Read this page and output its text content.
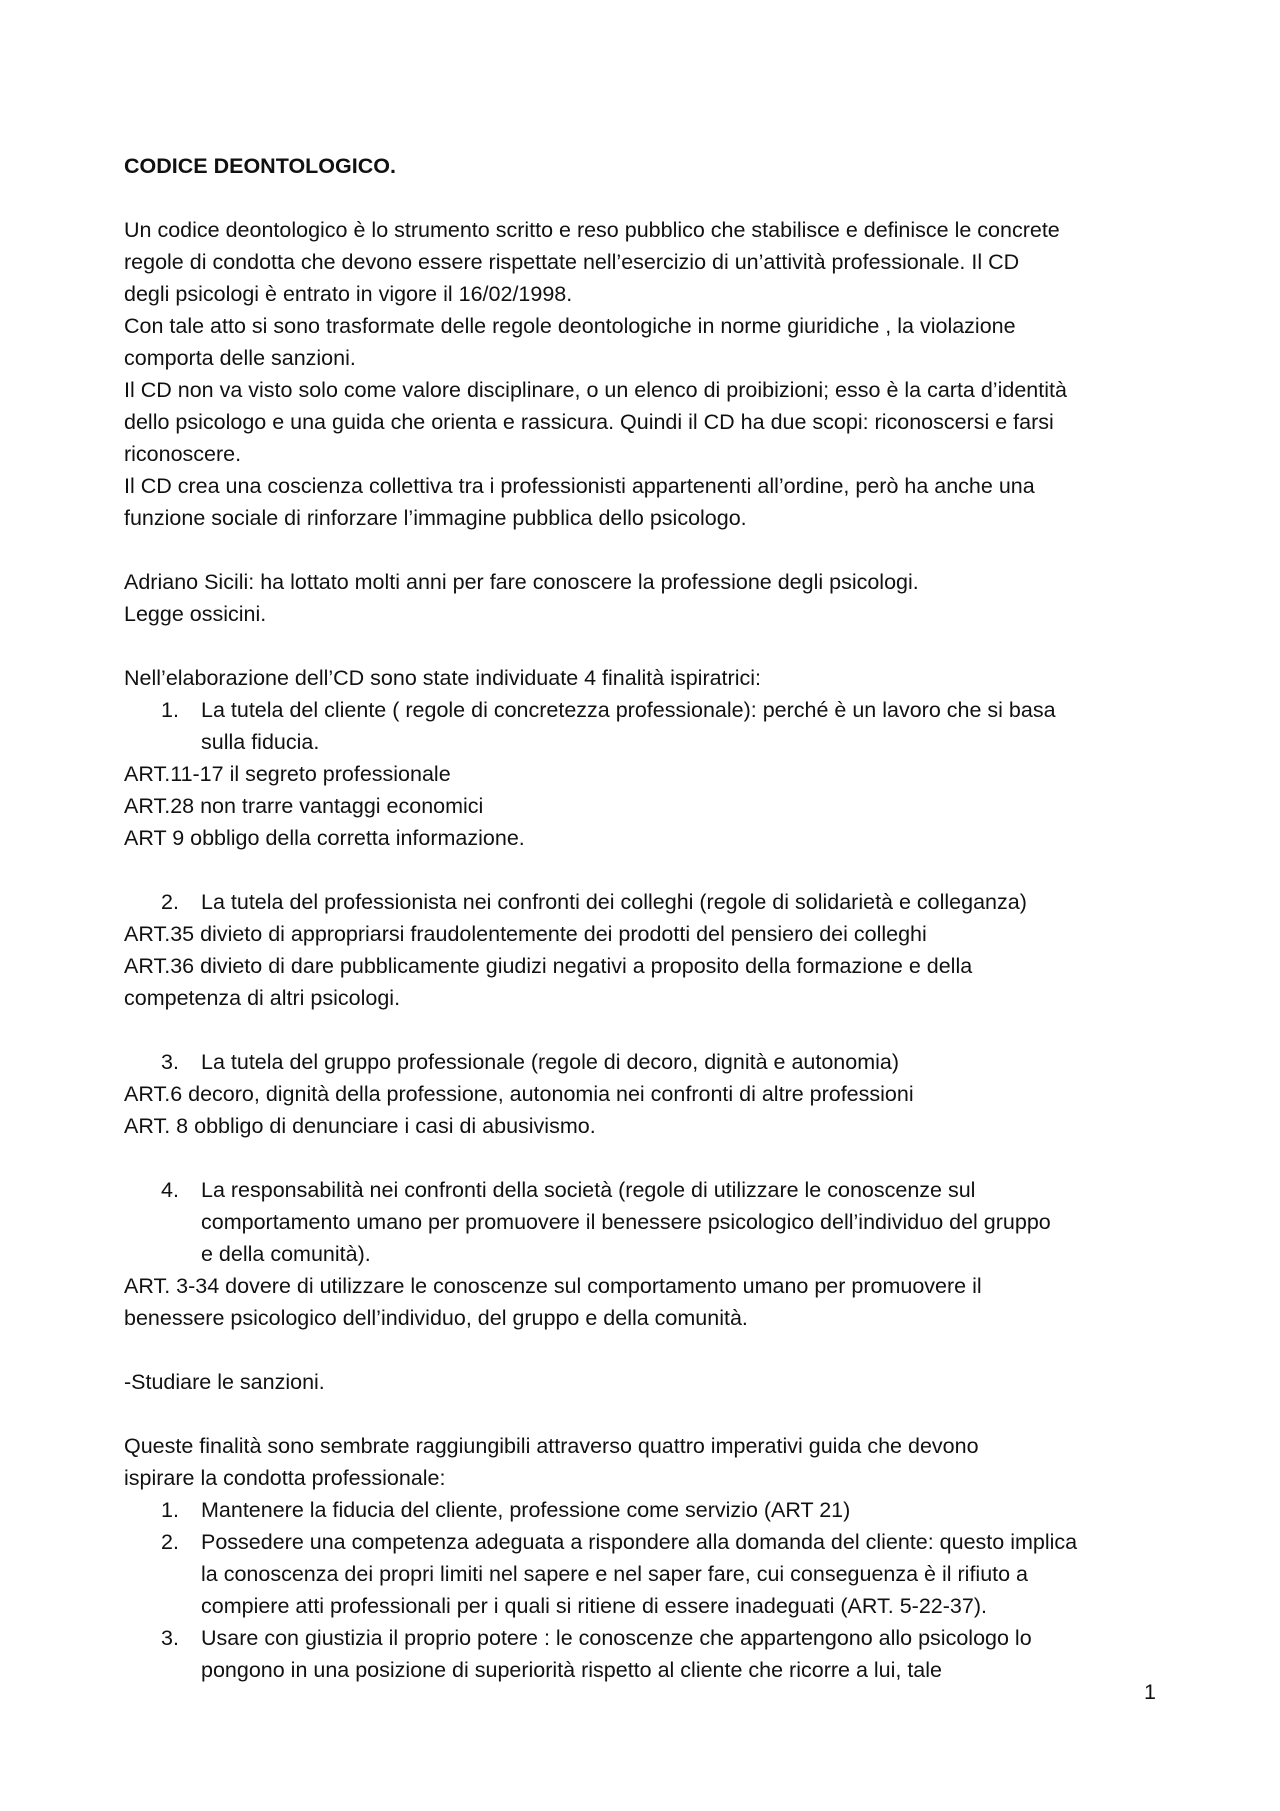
CODICE DEONTOLOGICO.

Un codice deontologico è lo strumento scritto e reso pubblico che stabilisce e definisce le concrete

regole di condotta che devono essere rispettate nell’esercizio di un’attività professionale. Il CD

degli psicologi è entrato in vigore il 16/02/1998.

Con tale atto si sono trasformate delle regole deontologiche in norme giuridiche , la violazione

comporta delle sanzioni.

Il CD non va visto solo come valore disciplinare, o un elenco di proibizioni; esso è la carta d’identità

dello psicologo e una guida che orienta e rassicura. Quindi il CD ha due scopi: riconoscersi e farsi

riconoscere.

Il CD crea una coscienza collettiva tra i professionisti appartenenti all’ordine, però ha anche una

funzione sociale di rinforzare l’immagine pubblica dello psicologo.

Adriano Sicili: ha lottato molti anni per fare conoscere la professione degli psicologi.

Legge ossicini.

Nell’elaborazione dell’CD sono state individuate 4 finalità ispiratrici:

1. La tutela del cliente ( regole di concretezza professionale): perché è un lavoro che si basa

sulla fiducia.

ART.11-17 il segreto professionale

ART.28 non trarre vantaggi economici

ART 9 obbligo della corretta informazione.

2. La tutela del professionista nei confronti dei colleghi (regole di solidarietà e colleganza)

ART.35 divieto di appropriarsi fraudolentemente dei prodotti del pensiero dei colleghi

ART.36 divieto di dare pubblicamente giudizi negativi a proposito della formazione e della

competenza di altri psicologi.

3. La tutela del gruppo professionale (regole di decoro, dignità e autonomia)

ART.6 decoro, dignità della professione, autonomia nei confronti di altre professioni

ART. 8 obbligo di denunciare i casi di abusivismo.

4. La responsabilità nei confronti della società (regole di utilizzare le conoscenze sul

comportamento umano per promuovere il benessere psicologico dell’individuo del gruppo

e della comunità).

ART. 3-34 dovere di utilizzare le conoscenze sul comportamento umano per promuovere il

benessere psicologico dell’individuo, del gruppo e della comunità.

-Studiare le sanzioni.

Queste finalità sono sembrate raggiungibili attraverso quattro imperativi guida che devono

ispirare la condotta professionale:

1. Mantenere la fiducia del cliente, professione come servizio (ART 21)

2. Possedere una competenza adeguata a rispondere alla domanda del cliente: questo implica

la conoscenza dei propri limiti nel sapere e nel saper fare, cui conseguenza è il rifiuto a

compiere atti professionali per i quali si ritiene di essere inadeguati (ART. 5-22-37).

3. Usare con giustizia il proprio potere : le conoscenze che appartengono allo psicologo lo

pongono in una posizione di superiorità rispetto al cliente che ricorre a lui, tale

1
